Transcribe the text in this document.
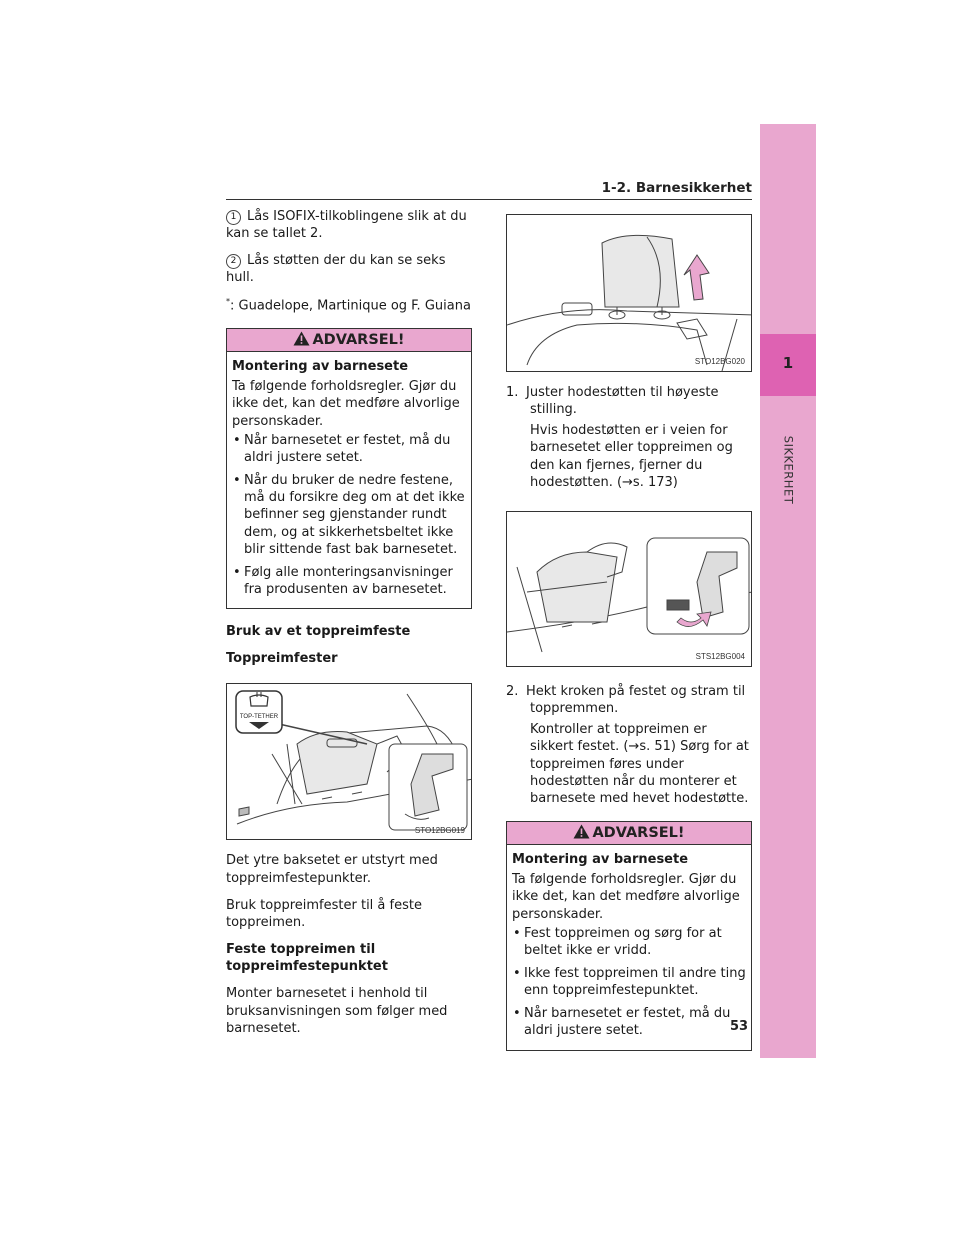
1
SIKKERHET
1-2. Barnesikkerhet

1 Lås ISOFIX-tilkoblingene slik at du kan se tallet 2.

2 Lås støtten der du kan se seks hull.

*: Guadelope, Martinique og F. Guiana

ADVARSEL!
Montering av barnesete
Ta følgende forholdsregler. Gjør du ikke det, kan det medføre alvorlige personskader.
• Når barnesetet er festet, må du aldri justere setet.
• Når du bruker de nedre festene, må du forsikre deg om at det ikke befinner seg gjenstander rundt dem, og at sikkerhetsbeltet ikke blir sittende fast bak barnesetet.
• Følg alle monteringsanvisninger fra produsenten av barnesetet.

Bruk av et toppreimfeste

Toppreimfester

TOP-TETHER
STO12BG019

Det ytre baksetet er utstyrt med toppreimfestepunkter.

Bruk toppreimfester til å feste toppreimen.

Feste toppreimen til toppreimfestepunktet

Monter barnesetet i henhold til bruksanvisningen som følger med barnesetet.

STO12BG020
1. Juster hodestøtten til høyeste stilling.
Hvis hodestøtten er i veien for barnesetet eller toppreimen og den kan fjernes, fjerner du hodestøtten. (→s. 173)
STS12BG004
2. Hekt kroken på festet og stram til toppremmen.
Kontroller at toppreimen er sikkert festet. (→s. 51) Sørg for at toppreimen føres under hodestøtten når du monterer et barnesete med hevet hodestøtte.
ADVARSEL!
Montering av barnesete
Ta følgende forholdsregler. Gjør du ikke det, kan det medføre alvorlige personskader.
• Fest toppreimen og sørg for at beltet ikke er vridd.
• Ikke fest toppreimen til andre ting enn toppreimfestepunktet.
• Når barnesetet er festet, må du aldri justere setet.	53
